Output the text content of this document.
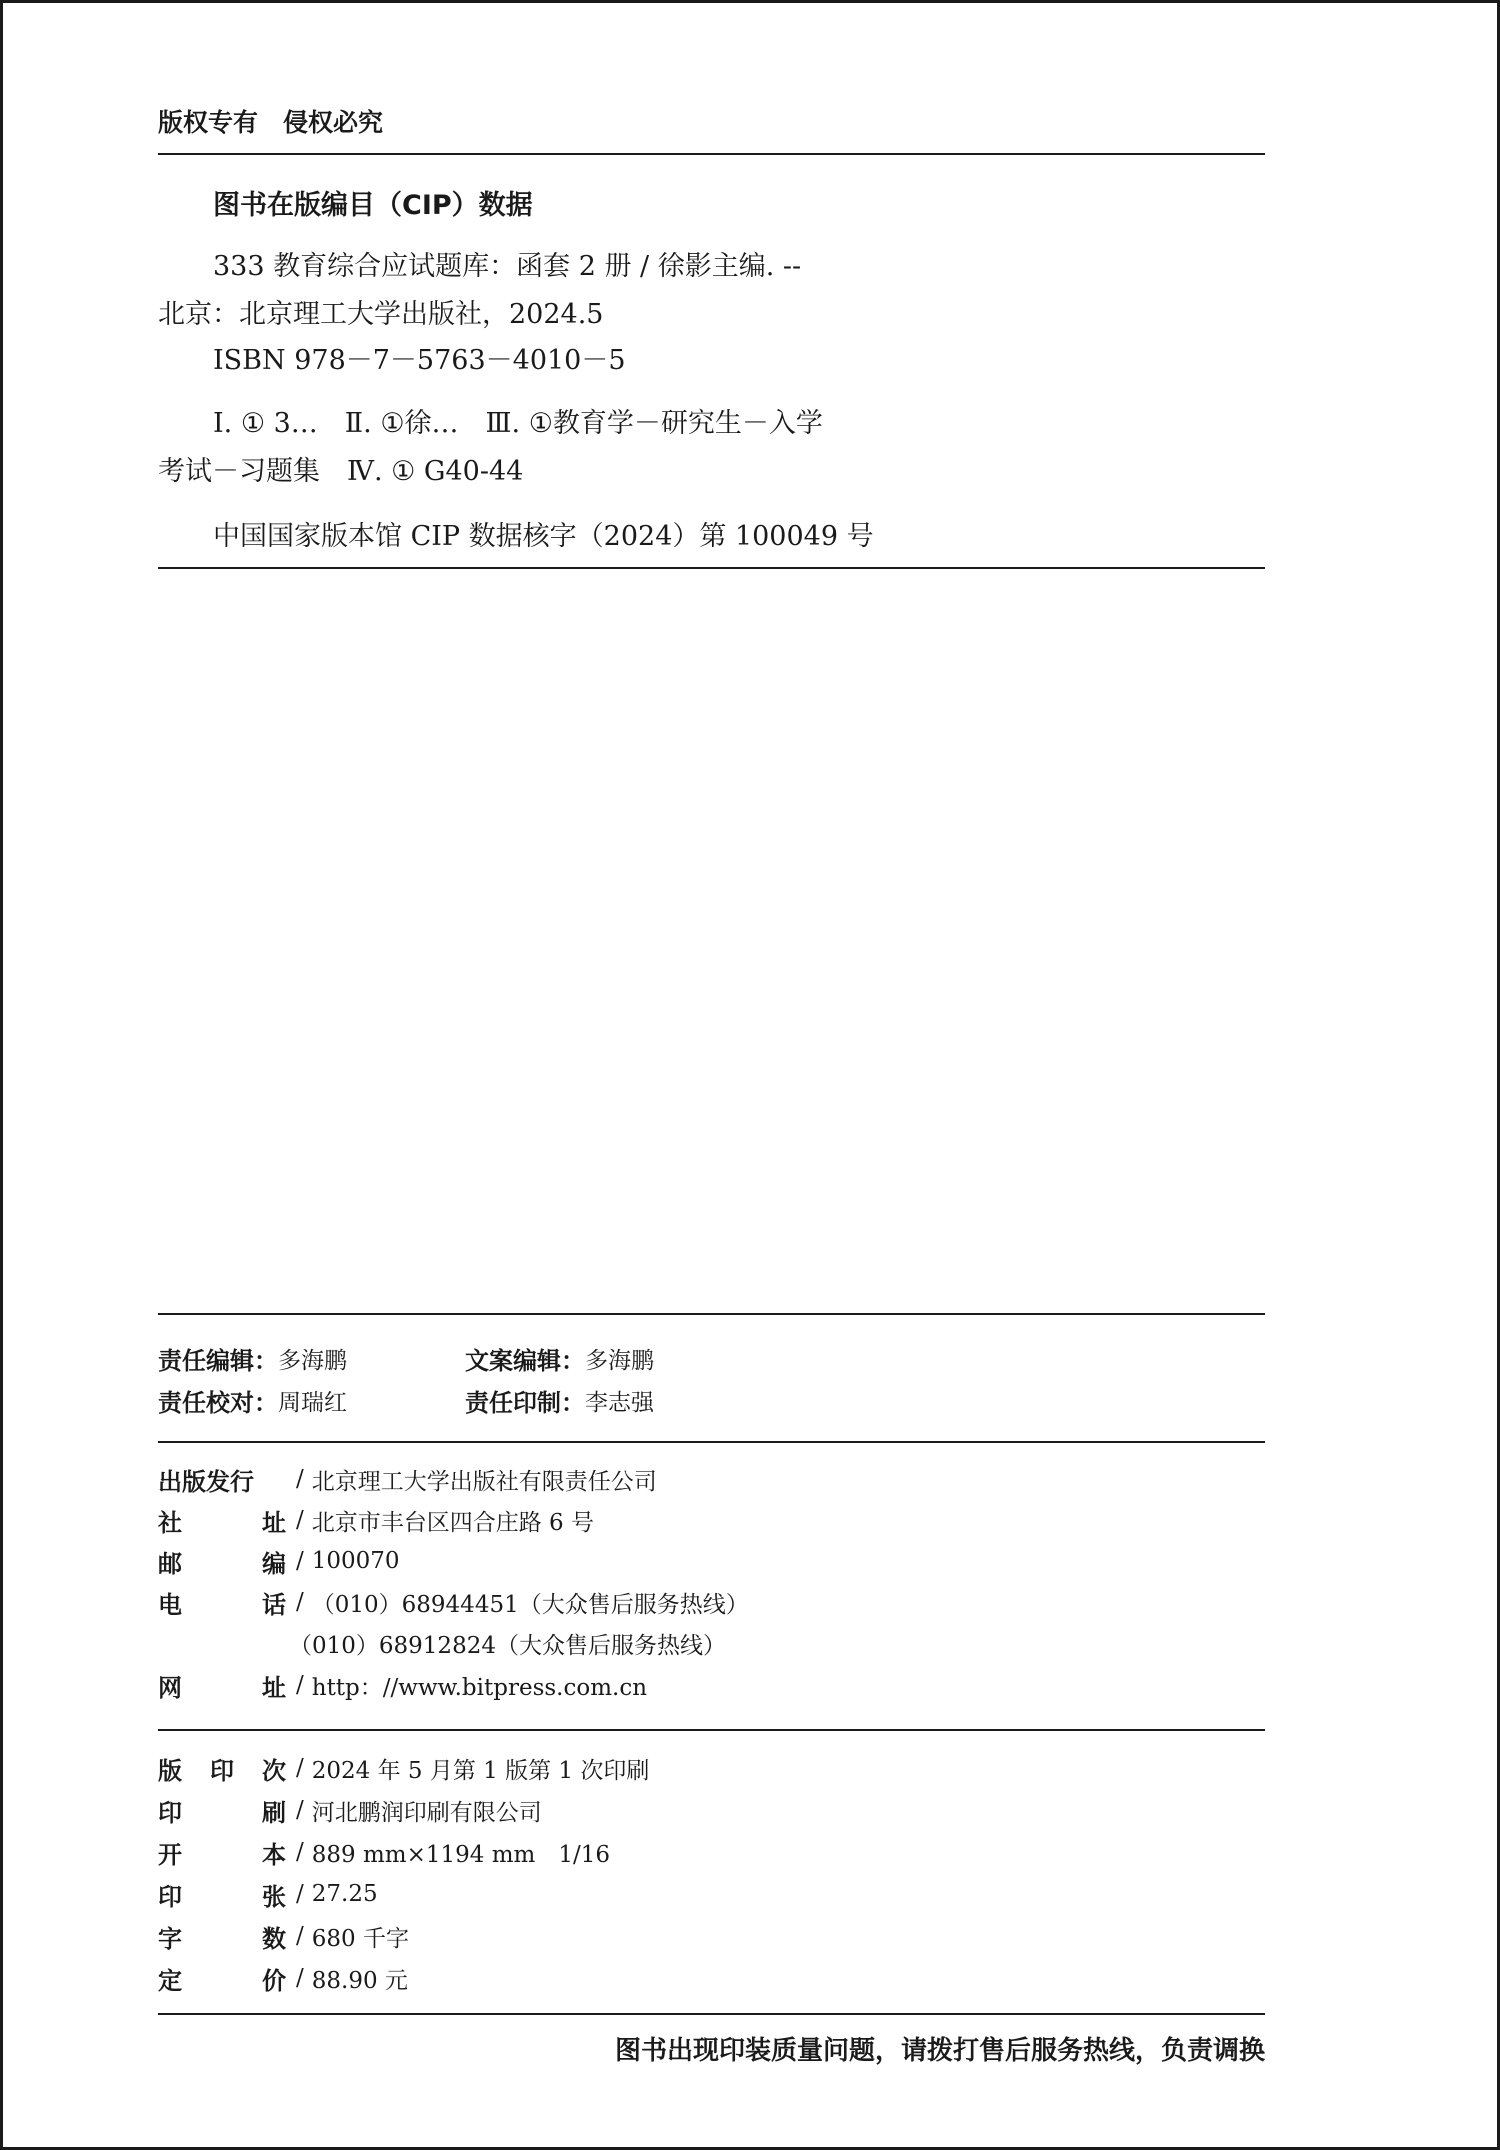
版权专有　侵权必究
图书在版编目（CIP）数据
333 教育综合应试题库：函套 2 册 / 徐影主编. --
北京：北京理工大学出版社，2024.5
ISBN 978－7－5763－4010－5
Ⅰ. ① 3…　Ⅱ. ①徐…　Ⅲ. ①教育学－研究生－入学
考试－习题集　Ⅳ. ① G40-44
中国国家版本馆 CIP 数据核字（2024）第 100049 号
责任编辑： 多海鹏	文案编辑： 多海鹏
责任校对： 周瑞红	责任印制： 李志强
出版发行 / 北京理工大学出版社有限责任公司
社	址 / 北京市丰台区四合庄路 6 号
邮	编 / 100070
电	话 / （010）68944451（大众售后服务热线）
（010）68912824（大众售后服务热线）
网	址 / http：//www.bitpress.com.cn
版 印 次 / 2024 年 5 月第 1 版第 1 次印刷
印	刷 / 河北鹏润印刷有限公司
开	本 / 889 mm×1194 mm　1/16
印	张 / 27.25
字	数 / 680 千字
定	价 / 88.90 元
图书出现印装质量问题，请拨打售后服务热线，负责调换
